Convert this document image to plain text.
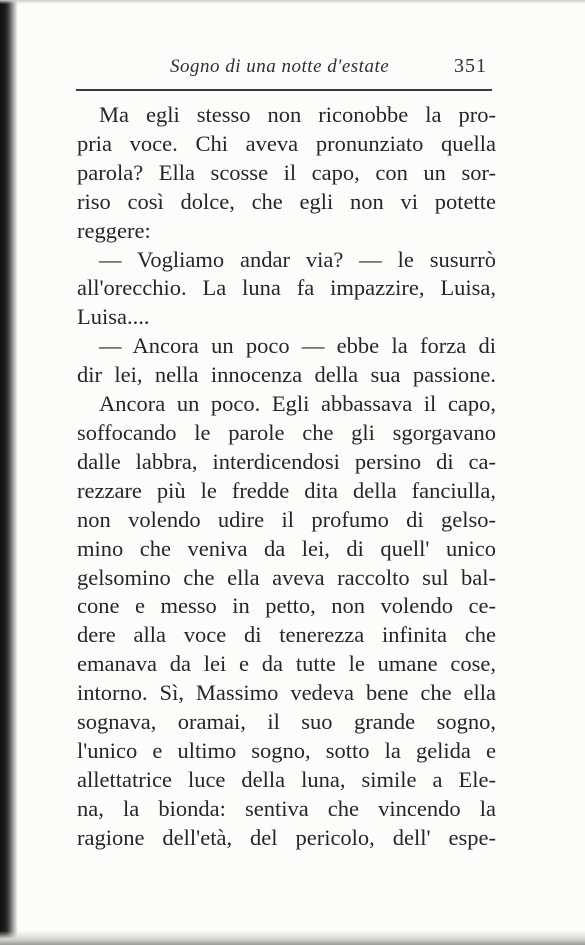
Sogno di una notte d'estate	351
Ma egli stesso non riconobbe la pro-
pria voce. Chi aveva pronunziato quella
parola? Ella scosse il capo, con un sor-
riso così dolce, che egli non vi potette
reggere:
— Vogliamo andar via? — le susurrò
all'orecchio. La luna fa impazzire, Luisa,
Luisa....
— Ancora un poco — ebbe la forza di
dir lei, nella innocenza della sua passione.
Ancora un poco. Egli abbassava il capo,
soffocando le parole che gli sgorgavano
dalle labbra, interdicendosi persino di ca-
rezzare più le fredde dita della fanciulla,
non volendo udire il profumo di gelso-
mino che veniva da lei, di quell' unico
gelsomino che ella aveva raccolto sul bal-
cone e messo in petto, non volendo ce-
dere alla voce di tenerezza infinita che
emanava da lei e da tutte le umane cose,
intorno. Sì, Massimo vedeva bene che ella
sognava, oramai, il suo grande sogno,
l'unico e ultimo sogno, sotto la gelida e
allettatrice luce della luna, simile a Ele-
na, la bionda: sentiva che vincendo la
ragione dell'età, del pericolo, dell' espe-
